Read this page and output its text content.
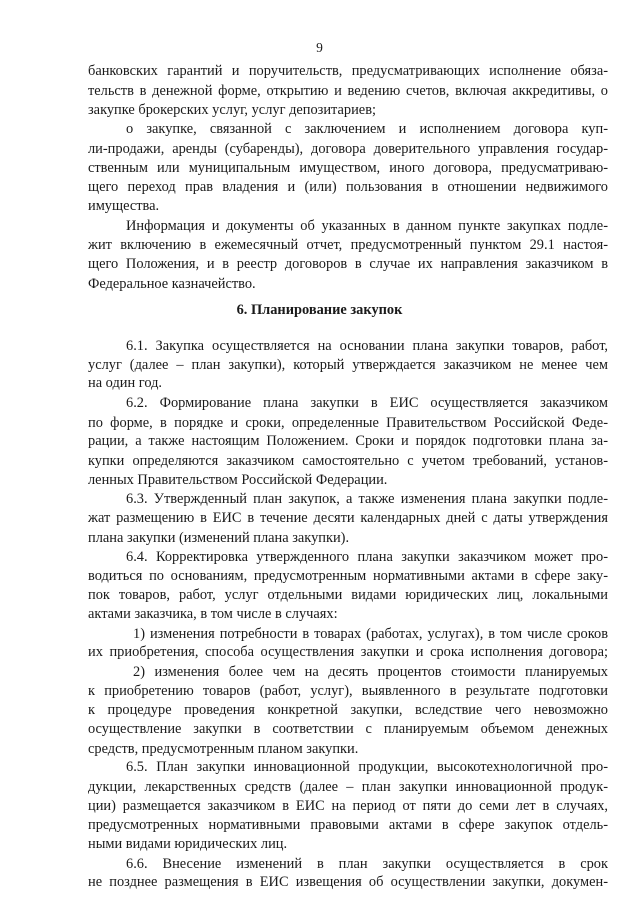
9
банковских гарантий и поручительств, предусматривающих исполнение обяза-
тельств в денежной форме, открытию и ведению счетов, включая аккредитивы, о
закупке брокерских услуг, услуг депозитариев;
о закупке, связанной с заключением и исполнением договора куп-
ли-продажи, аренды (субаренды), договора доверительного управления государ-
ственным или муниципальным имуществом, иного договора, предусматриваю-
щего переход прав владения и (или) пользования в отношении недвижимого
имущества.
Информация и документы об указанных в данном пункте закупках подле-
жит включению в ежемесячный отчет, предусмотренный пунктом 29.1 настоя-
щего Положения, и в реестр договоров в случае их направления заказчиком в
Федеральное казначейство.
6. Планирование закупок
6.1. Закупка осуществляется на основании плана закупки товаров, работ,
услуг (далее – план закупки), который утверждается заказчиком не менее чем
на один год.
6.2. Формирование плана закупки в ЕИС осуществляется заказчиком
по форме, в порядке и сроки, определенные Правительством Российской Феде-
рации, а также настоящим Положением. Сроки и порядок подготовки плана за-
купки определяются заказчиком самостоятельно с учетом требований, установ-
ленных Правительством Российской Федерации.
6.3. Утвержденный план закупок, а также изменения плана закупки подле-
жат размещению в ЕИС в течение десяти календарных дней с даты утверждения
плана закупки (изменений плана закупки).
6.4. Корректировка утвержденного плана закупки заказчиком может про-
водиться по основаниям, предусмотренным нормативными актами в сфере заку-
пок товаров, работ, услуг отдельными видами юридических лиц, локальными
актами заказчика, в том числе в случаях:
1) изменения потребности в товарах (работах, услугах), в том числе сроков
их приобретения, способа осуществления закупки и срока исполнения договора;
2) изменения более чем на десять процентов стоимости планируемых
к приобретению товаров (работ, услуг), выявленного в результате подготовки
к процедуре проведения конкретной закупки, вследствие чего невозможно
осуществление закупки в соответствии с планируемым объемом денежных
средств, предусмотренным планом закупки.
6.5. План закупки инновационной продукции, высокотехнологичной про-
дукции, лекарственных средств (далее – план закупки инновационной продук-
ции) размещается заказчиком в ЕИС на период от пяти до семи лет в случаях,
предусмотренных нормативными правовыми актами в сфере закупок отдель-
ными видами юридических лиц.
6.6. Внесение изменений в план закупки осуществляется в срок
не позднее размещения в ЕИС извещения об осуществлении закупки, докумен-
